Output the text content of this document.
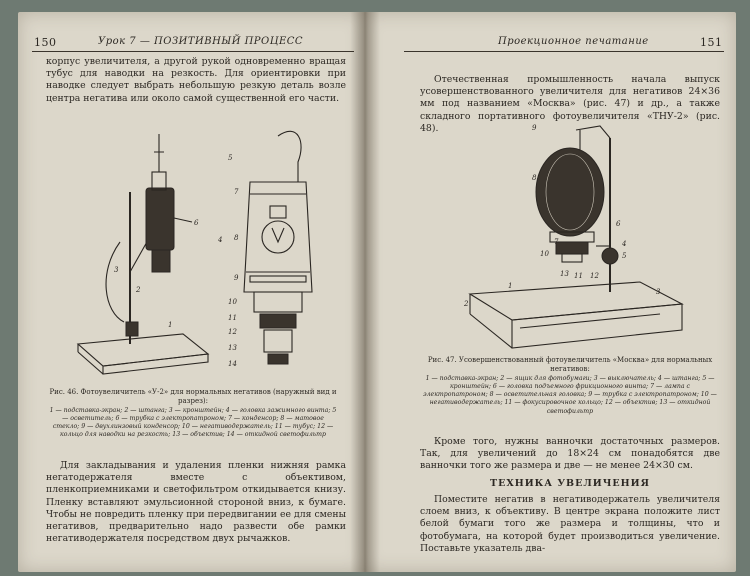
150	Урок 7 — ПОЗИТИВНЫЙ ПРОЦЕСС

корпус увеличителя, а другой рукой одновременно вращая тубус для наводки на резкость. Для ориентировки при наводке следует выбрать небольшую резкую деталь возле центра негатива или около самой существенной его части.

6
2
3
1
5
7
8
9
10
11
12
13
14
4
Рис. 46. Фотоувеличитель «У-2» для нормальных негативов (наружный вид и разрез):
1 — подставка-экран; 2 — штанга; 3 — кронштейн; 4 — головка зажимного винта; 5 — осветитель; 6 — трубка с электропатроном; 7 — конденсор; 8 — матовое стекло; 9 — двухлинзовый конденсор; 10 — негативодержатель; 11 — тубус; 12 — кольцо для наводки на резкость; 13 — объектив; 14 — откидной светофильтр

Для закладывания и удаления пленки нижняя рамка негатодержателя вместе с объективом, пленкоприемниками и светофильтром откидывается книзу. Пленку вставляют эмульсионной стороной вниз, к бумаге. Чтобы не повредить пленку при передвигании ее для смены негативов, предварительно надо развести обе рамки негативодержателя посредством двух рычажков.

Проекционное печатание	151

Отечественная промышленность начала выпуск усовершенствованного увеличителя для негативов 24×36 мм под названием «Москва» (рис. 47) и др., а также складного портативного фотоувеличителя «ТНУ-2» (рис. 48).

8
9
10
11 12
13
4
5
6
7
1
2
3
Рис. 47. Усовершенствованный фотоувеличитель «Москва» для нормальных негативов:
1 — подставка-экран; 2 — ящик для фотобумаги; 3 — выключатель; 4 — штанга; 5 — кронштейн; 6 — головка подъемного фрикционного винта; 7 — лампа с электропатроном; 8 — осветительная головка; 9 — трубка с электропатроном; 10 — негативодержатель; 11 — фокусировочное кольцо; 12 — объектив; 13 — откидной светофильтр

Кроме того, нужны ванночки достаточных размеров. Так, для увеличений до 18×24 см понадобятся две ванночки того же размера и две — не менее 24×30 см.

ТЕХНИКА УВЕЛИЧЕНИЯ

Поместите негатив в негативодержатель увеличителя слоем вниз, к объективу. В центре экрана положите лист белой бумаги того же размера и толщины, что и фотобумага, на которой будет производиться увеличение. Поставьте указатель два-
